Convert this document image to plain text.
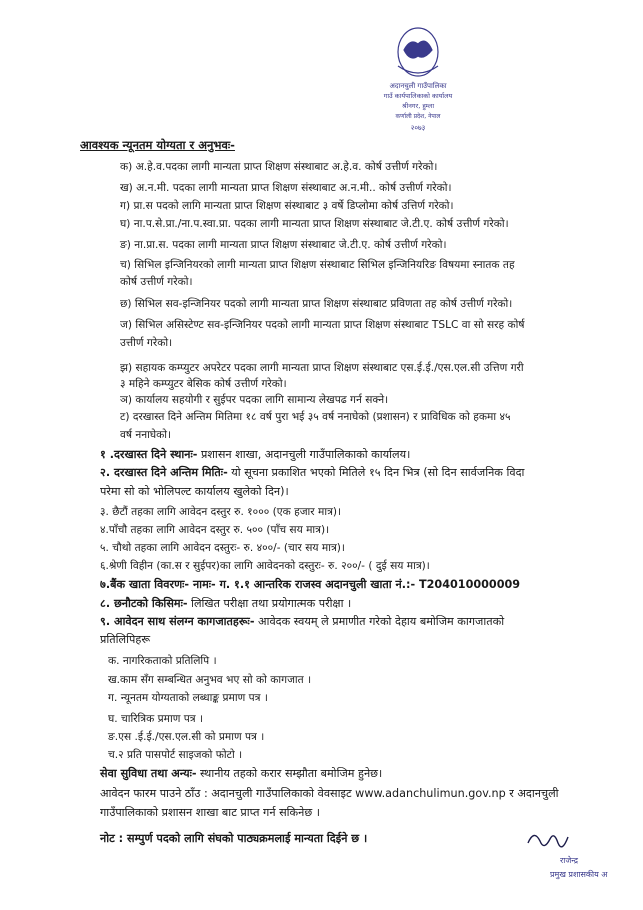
अदानचुली गाउँपालिका
गाउँ कार्यपालिकाको कार्यालय
श्रीनगर, हुम्ला
कर्णाली प्रदेश, नेपाल
२०७३
आवश्यक न्यूनतम योग्यता र अनुभवः-
क) अ.हे.व.पदका लागी मान्यता प्राप्त शिक्षण संस्थाबाट अ.हे.व. कोर्ष उत्तीर्ण गरेको।
ख) अ.न.मी. पदका लागी मान्यता प्राप्त शिक्षण संस्थाबाट अ.न.मी.. कोर्ष उत्तीर्ण गरेको।
ग) प्रा.स पदको लागि मान्यता प्राप्त शिक्षण संस्थाबाट ३ वर्षे डिप्लोमा कोर्ष उत्तिर्ण गरेको।
घ) ना.प.से.प्रा./ना.प.स्वा.प्रा. पदका लागी मान्यता प्राप्त शिक्षण संस्थाबाट जे.टी.ए. कोर्ष उत्तीर्ण गरेको।
ङ) ना.प्रा.स. पदका लागी मान्यता प्राप्त शिक्षण संस्थाबाट जे.टी.ए. कोर्ष उत्तीर्ण गरेको।
च) सिभिल इन्जिनियरको लागी मान्यता प्राप्त शिक्षण संस्थाबाट सिभिल इन्जिनियरिङ विषयमा स्नातक तह
कोर्ष उत्तीर्ण गरेको।
छ) सिभिल सव-इन्जिनियर पदको लागी मान्यता प्राप्त शिक्षण संस्थाबाट प्रविणता तह कोर्ष उत्तीर्ण गरेको।
ज) सिभिल असिस्टेण्ट सव-इन्जिनियर पदको लागी मान्यता प्राप्त शिक्षण संस्थाबाट TSLC वा सो सरह कोर्ष
उत्तीर्ण गरेको।
झ) सहायक कम्प्युटर अपरेटर पदका लागी मान्यता प्राप्त शिक्षण संस्थाबाट एस.ई.ई./एस.एल.सी उत्तिण गरी
३ महिने कम्प्युटर बेसिक कोर्ष उत्तीर्ण गरेको।
ञ) कार्यालय सहयोगी र सुईपर पदका लागि सामान्य लेखपढ गर्न सक्ने।
ट) दरखास्त दिने अन्तिम मितिमा १८ वर्ष पुरा भई ३५ वर्ष ननाघेको (प्रशासन) र प्राविधिक को हकमा ४५
वर्ष ननाघेको।
१ .दरखास्त दिने स्थानः- प्रशासन शाखा, अदानचुली गाउँपालिकाको कार्यालय।
२. दरखास्त दिने अन्तिम मितिः- यो सूचना प्रकाशित भएको मितिले १५ दिन भित्र (सो दिन सार्वजनिक विदा
परेमा सो को भोलिपल्ट कार्यालय खुलेको दिन)।
३. छैटौं तहका लागि आवेदन दस्तुर रु. १००० (एक हजार मात्र)।
४.पाँचौ तहका लागि आवेदन दस्तुर रु. ५०० (पाँच सय मात्र)।
५. चौथो तहका लागि आवेदन दस्तुरः- रु. ४००/- (चार सय मात्र)।
६.श्रेणी विहीन (का.स र सुईपर)का लागि आवेदनको दस्तुरः- रु. २००/- ( दुई सय मात्र)।
७.बैंक खाता विवरणः- नामः- ग. १.१ आन्तरिक राजस्व अदानचुली खाता नं.:- T204010000009
८. छनौटको किसिमः- लिखित परीक्षा तथा प्रयोगात्मक परीक्षा ।
९. आवेदन साथ संलग्न कागजातहरूः- आवेदक स्वयम् ले प्रमाणीत गरेको देहाय बमोजिम कागजातको
प्रतिलिपिहरू
क. नागरिकताको प्रतिलिपि ।
ख.काम सँग सम्बन्धित अनुभव भए सो को कागजात ।
ग. न्यूनतम योग्यताको लब्धाङ्क प्रमाण पत्र ।
घ. चारित्रिक प्रमाण पत्र ।
ङ.एस .ई.ई./एस.एल.सी को प्रमाण पत्र ।
च.२ प्रति पासपोर्ट साइजको फोटो ।
सेवा सुविधा तथा अन्यः- स्थानीय तहको करार सम्झौता बमोजिम हुनेछ।
आवेदन फारम पाउने ठाँउ : अदानचुली गाउँपालिकाको वेवसाइट www.adanchulimun.gov.np र अदानचुली
गाउँपालिकाको प्रशासन शाखा बाट प्राप्त गर्न सकिनेछ ।
नोट : सम्पुर्ण पदको लागि संघको पाठ्यक्रमलाई मान्यता दिईने छ ।
राजेन्द्र
प्रमुख प्रशासकीय अ
